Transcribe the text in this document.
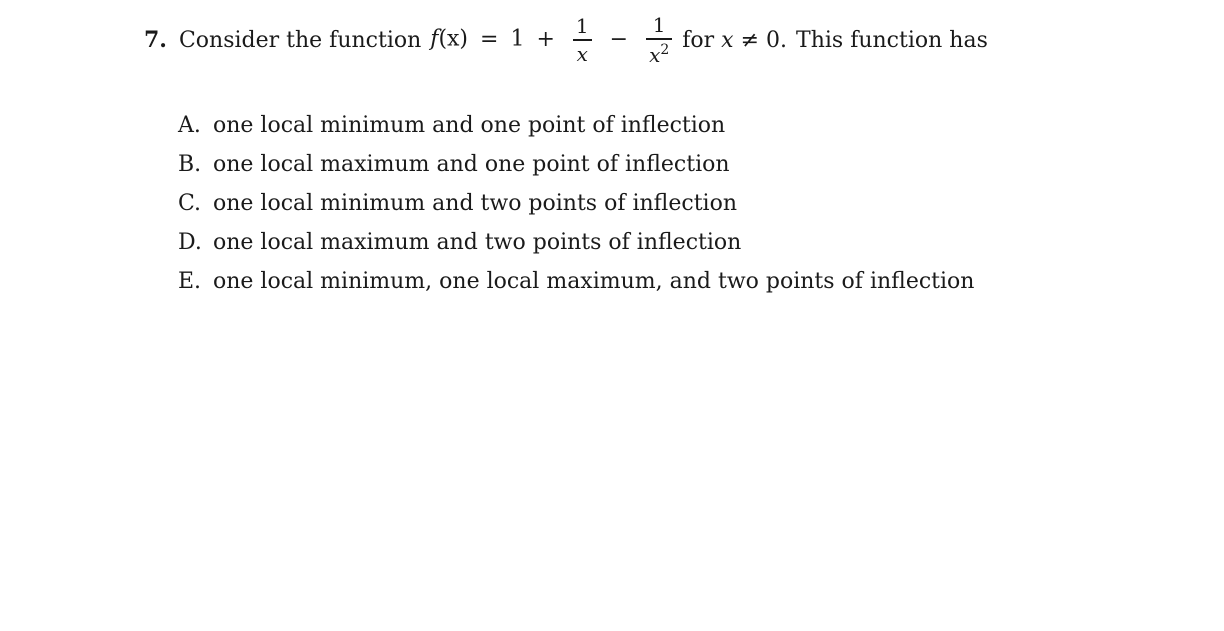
7. Consider the function $f(x) = 1 + \frac{1}{x} - \frac{1}{x^2}$ for x ≠ 0. This function has
A. one local minimum and one point of inflection
B. one local maximum and one point of inflection
C. one local minimum and two points of inflection
D. one local maximum and two points of inflection
E. one local minimum, one local maximum, and two points of inflection
